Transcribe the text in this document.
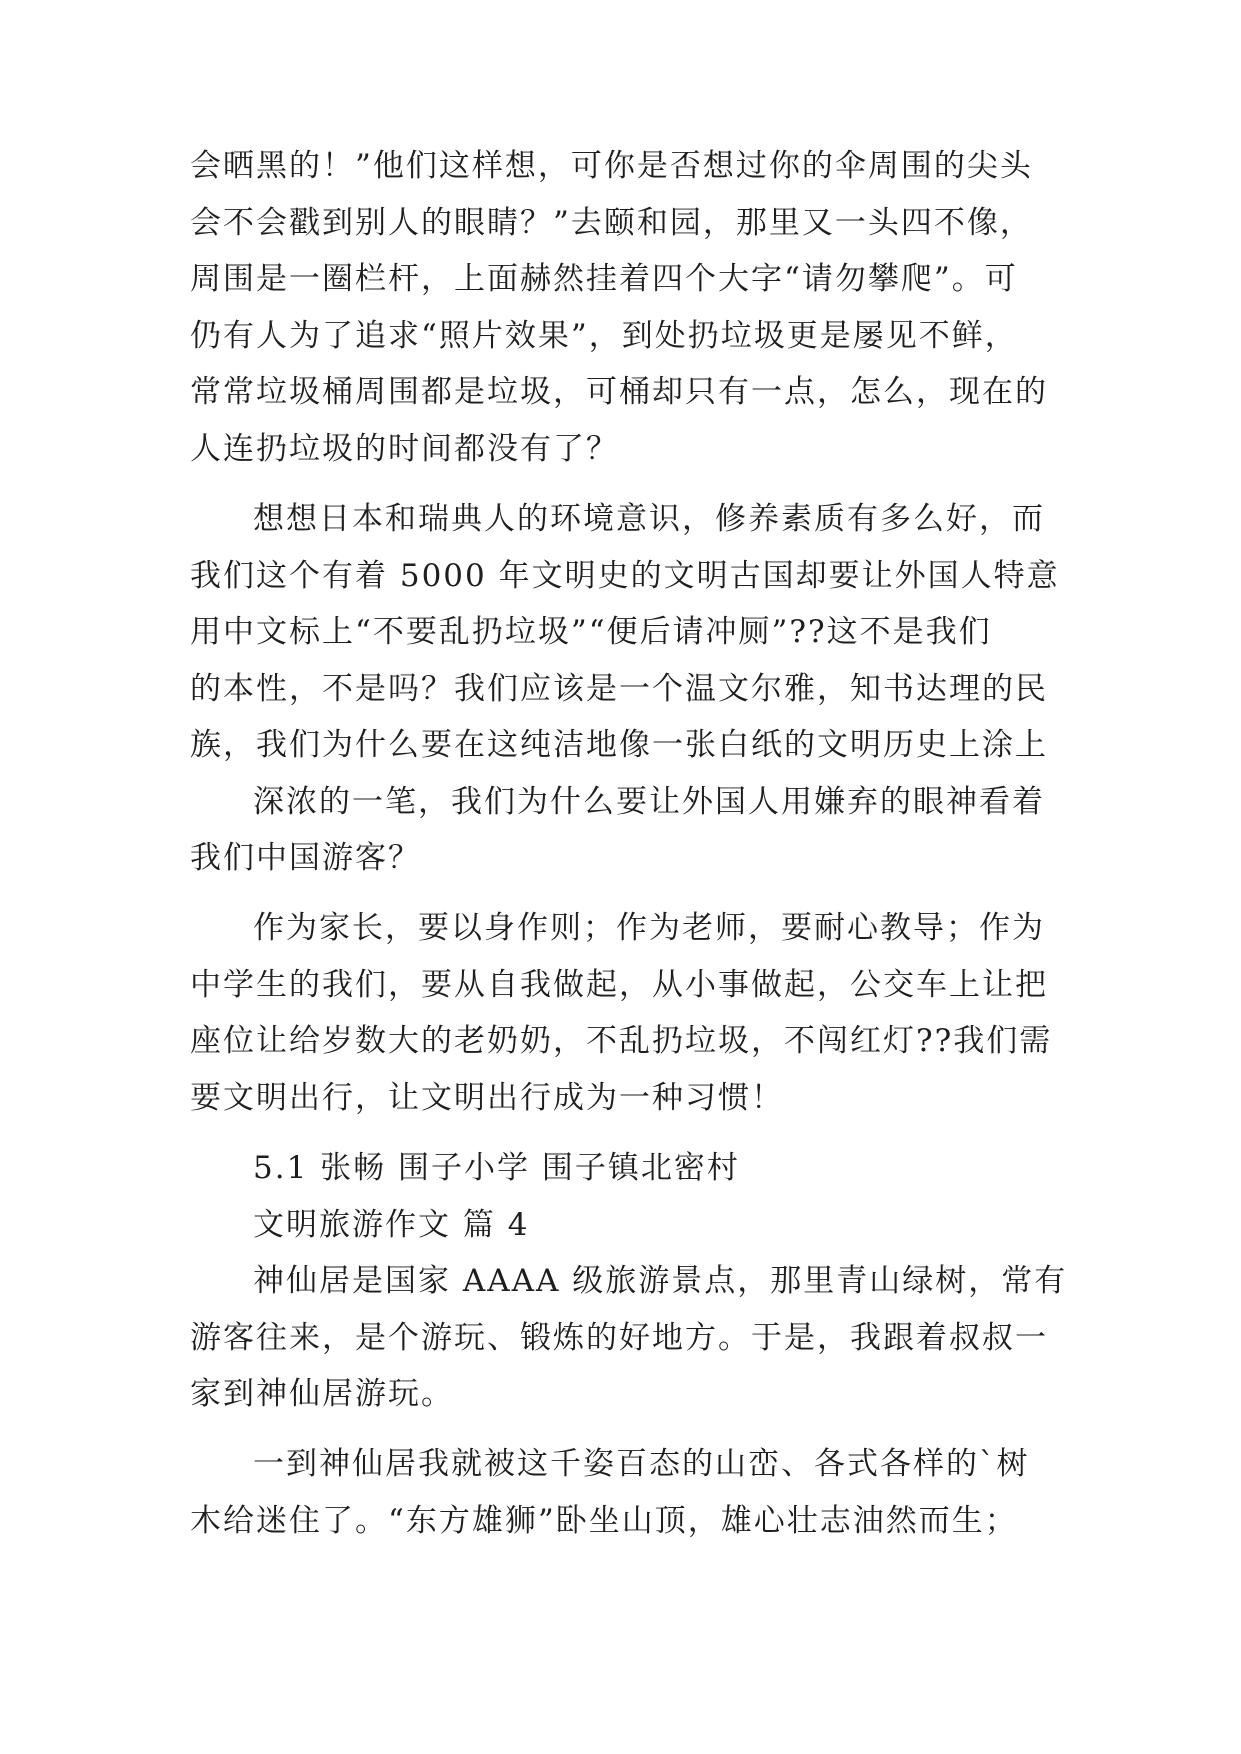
会晒黑的！”他们这样想，可你是否想过你的伞周围的尖头
会不会戳到别人的眼睛？”去颐和园，那里又一头四不像，
周围是一圈栏杆，上面赫然挂着四个大字“请勿攀爬”。可
仍有人为了追求“照片效果”，到处扔垃圾更是屡见不鲜，
常常垃圾桶周围都是垃圾，可桶却只有一点，怎么，现在的
人连扔垃圾的时间都没有了？
想想日本和瑞典人的环境意识，修养素质有多么好，而
我们这个有着 5000 年文明史的文明古国却要让外国人特意
用中文标上“不要乱扔垃圾”“便后请冲厕”??这不是我们
的本性，不是吗？我们应该是一个温文尔雅，知书达理的民
族，我们为什么要在这纯洁地像一张白纸的文明历史上涂上
深浓的一笔，我们为什么要让外国人用嫌弃的眼神看着
我们中国游客？
作为家长，要以身作则；作为老师，要耐心教导；作为
中学生的我们，要从自我做起，从小事做起，公交车上让把
座位让给岁数大的老奶奶，不乱扔垃圾，不闯红灯??我们需
要文明出行，让文明出行成为一种习惯！
5.1 张畅 围子小学 围子镇北密村
文明旅游作文 篇 4
神仙居是国家 AAAA 级旅游景点，那里青山绿树，常有
游客往来，是个游玩、锻炼的好地方。于是，我跟着叔叔一
家到神仙居游玩。
一到神仙居我就被这千姿百态的山峦、各式各样的`树
木给迷住了。“东方雄狮”卧坐山顶，雄心壮志油然而生；
